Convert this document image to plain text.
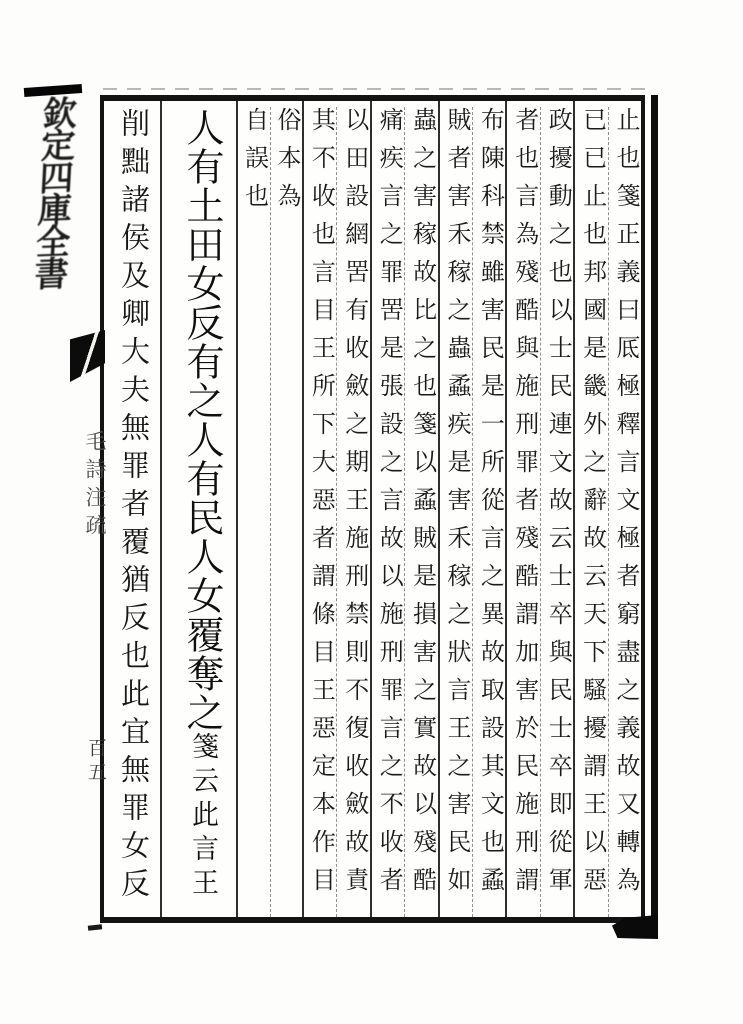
削黜諸侯及卿大夫無罪者覆猶反也此宜無罪女反 人有土田女反有之人有民人女覆奪之箋云此言王
俗本為
自誤也	以田設網罟有收斂之期王施刑禁則不復收斂故責
其不收也言目王所下大惡者謂條目王惡定本作目	蟲之害稼故比之也箋以蟊賊是損害之實故以殘酷
痛疾言之罪罟是張設之言故以施刑罪言之不收者	布陳科禁雖害民是一所從言之異故取設其文也蟊
賊者害禾稼之蟲蟊疾是害禾稼之狀言王之害民如	政擾動之也以士民連文故云士卒與民士卒即從軍
者也言為殘酷與施刑罪者殘酷謂加害於民施刑謂	止也箋正義曰厎極釋言文極者窮盡之義故又轉為
已已止也邦國是畿外之辭故云天下騷擾謂王以惡
欽定四庫全書
毛詩注疏
百五
